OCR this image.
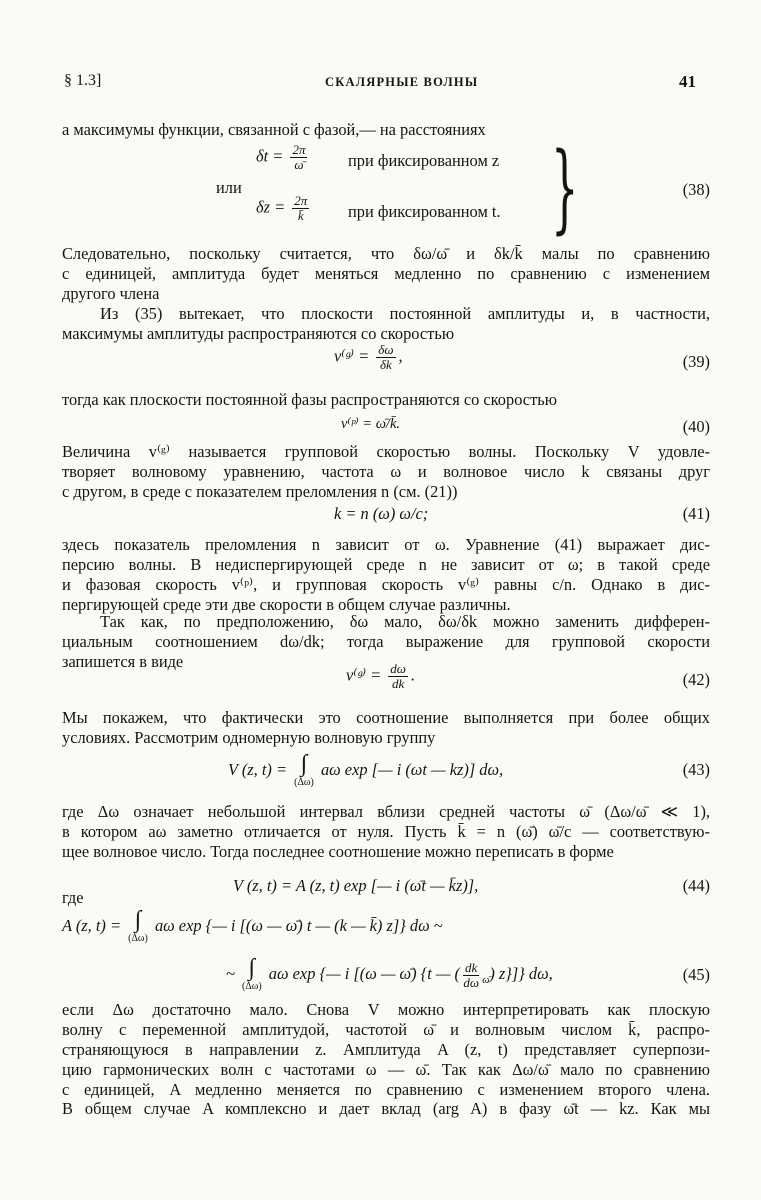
§ 1.3]	СКАЛЯРНЫЕ ВОЛНЫ	41
а максимумы функции, связанной с фазой,— на расстояниях
$\delta t = \frac{2\pi}{\omegā}$ при фиксированном z
или
$\delta z = \frac{2\pi}{k̄}$ при фиксированном t. }	(38)
Следовательно, поскольку считается, что δω/ω̄ и δk/k̄ малы по сравнению
с единицей, амплитуда будет меняться медленно по сравнению с изменением
другого члена
Из (35) вытекает, что плоскости постоянной амплитуды и, в частности,
максимумы амплитуды распространяются со скоростью
v⁽ᵍ⁾ = $\frac{\delta\omega}{\delta k}$ ,	(39)
тогда как плоскости постоянной фазы распространяются со скоростью
v⁽ᵖ⁾ = ω̄/k̄.	(40)
Величина v⁽ᵍ⁾ называется групповой скоростью волны. Поскольку V удовле-
творяет волновому уравнению, частота ω и волновое число k связаны друг
с другом, в среде с показателем преломления n (см. (21))
k = n (ω) ω/c;	(41)
здесь показатель преломления n зависит от ω. Уравнение (41) выражает дис-
персию волны. В недиспергирующей среде n не зависит от ω; в такой среде
и фазовая скорость v⁽ᵖ⁾, и групповая скорость v⁽ᵍ⁾ равны c/n. Однако в дис-
пергирующей среде эти две скорости в общем случае различны.
Так как, по предположению, δω мало, δω/δk можно заменить дифферен-
циальным соотношением dω/dk; тогда выражение для групповой скорости
запишется в виде
v⁽ᵍ⁾ = $\frac{d\omega}{dk}$ .	(42)
Мы покажем, что фактически это соотношение выполняется при более общих
условиях. Рассмотрим одномерную волновую группу
V (z, t) = ∫
(Δω)
aω exp [— i (ωt — kz)] dω,	(43)
где Δω означает небольшой интервал вблизи средней частоты ω̄ (Δω/ω̄ ≪ 1),
в котором aω заметно отличается от нуля. Пусть k̄ = n (ω̄) ω̄/c — соответствую-
щее волновое число. Тогда последнее соотношение можно переписать в форме
V (z, t) = A (z, t) exp [— i (ω̄t — k̄z)],	(44)
где
A (z, t) = ∫
(Δω)
aω exp {— i [(ω — ω̄) t — (k — k̄) z]} dω ~
~ ∫
(Δω)
aω exp {— i [(ω — ω̄) {t — ( $\frac{dk}{d\omega} _{\omegā}$) z}]} dω,	(45)
если Δω достаточно мало. Снова V можно интерпретировать как плоскую
волну с переменной амплитудой, частотой ω̄ и волновым числом k̄, распро-
страняющуюся в направлении z. Амплитуда A (z, t) представляет суперпози-
цию гармонических волн с частотами ω — ω̄. Так как Δω/ω̄ мало по сравнению
с единицей, A медленно меняется по сравнению с изменением второго члена.
В общем случае A комплексно и дает вклад (arg A) в фазу ω̄t — kz. Как мы
